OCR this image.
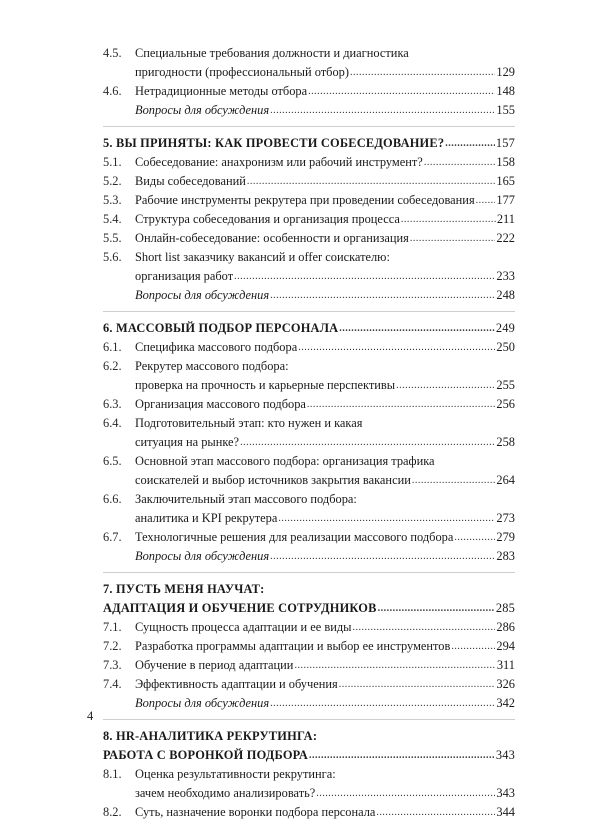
4.5.	Специальные требования должности и диагностика
пригодности (профессиональный отбор) .....	129
4.6.	Нетрадиционные методы отбора .....	148
Вопросы для обсуждения .....	155
5. ВЫ ПРИНЯТЫ: КАК ПРОВЕСТИ СОБЕСЕДОВАНИЕ? .....	157
5.1.	Собеседование: анахронизм или рабочий инструмент? .....	158
5.2.	Виды собеседований .....	165
5.3.	Рабочие инструменты рекрутера при проведении собеседования ..... 177
5.4.	Структура собеседования и организация процесса .....	211
5.5.	Онлайн-собеседование: особенности и организация .....	222
5.6.	Short list заказчику вакансий и offer соискателю:
организация работ .....	233
Вопросы для обсуждения .....	248
6. МАССОВЫЙ ПОДБОР ПЕРСОНАЛА .....	249
6.1.	Специфика массового подбора .....	250
6.2.	Рекрутер массового подбора:
проверка на прочность и карьерные перспективы .....	255
6.3.	Организация массового подбора .....	256
6.4.	Подготовительный этап: кто нужен и какая
ситуация на рынке? .....	258
6.5.	Основной этап массового подбора: организация трафика
соискателей и выбор источников закрытия вакансии .....	264
6.6.	Заключительный этап массового подбора:
аналитика и KPI рекрутера .....	273
6.7.	Технологичные решения для реализации массового подбора .....	279
Вопросы для обсуждения .....	283
7. ПУСТЬ МЕНЯ НАУЧАТ:
АДАПТАЦИЯ И ОБУЧЕНИЕ СОТРУДНИКОВ .....	285
7.1.	Сущность процесса адаптации и ее виды .....	286
7.2.	Разработка программы адаптации и выбор ее инструментов .....	294
7.3.	Обучение в период адаптации .....	311
7.4.	Эффективность адаптации и обучения .....	326
Вопросы для обсуждения .....	342
8. HR-АНАЛИТИКА РЕКРУТИНГА:
РАБОТА С ВОРОНКОЙ ПОДБОРА .....	343
8.1.	Оценка результативности рекрутинга:
зачем необходимо анализировать? .....	343
8.2.	Суть, назначение воронки подбора персонала .....	344
4
